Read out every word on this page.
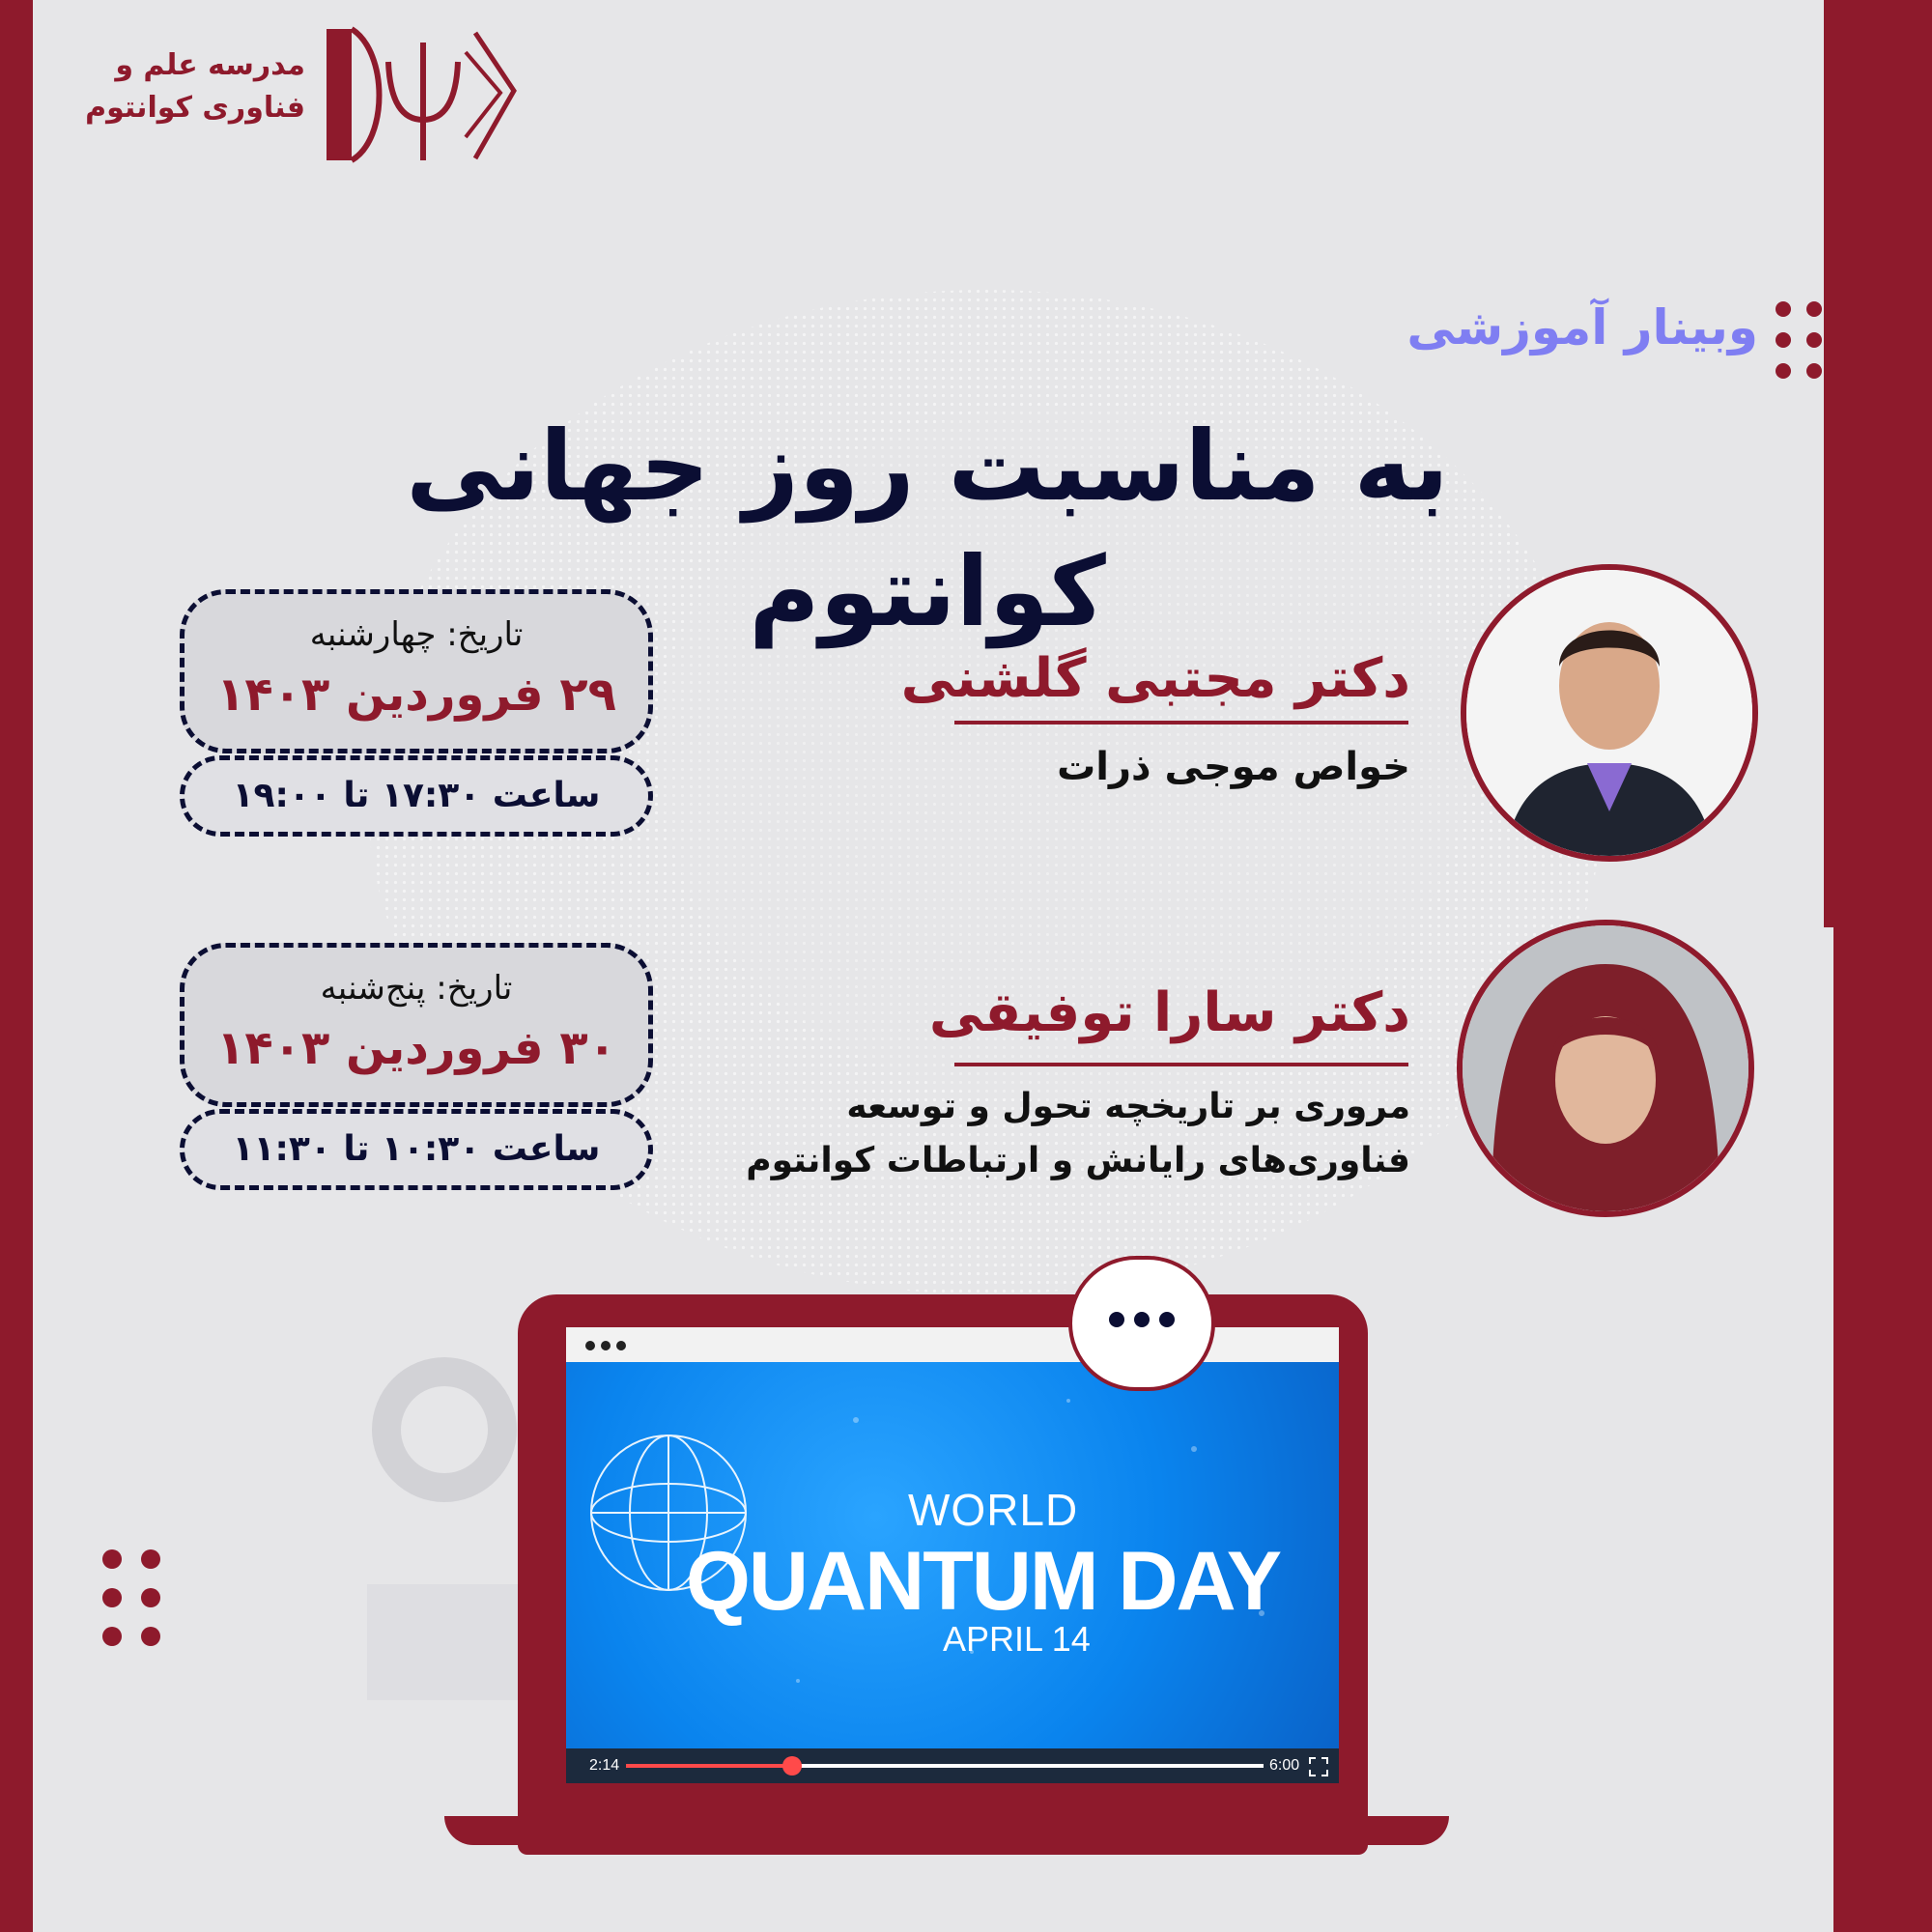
مدرسه علم و
فناوری کوانتوم
وبینار آموزشی
به مناسبت روز جهانی کوانتوم
دکتر مجتبی گلشنی
خواص موجی ذرات
دکتر سارا توفیقی
مروری بر تاریخچه تحول و توسعه
فناوری‌های رایانش و ارتباطات کوانتوم
تاریخ: چهارشنبه
۲۹ فروردین ۱۴۰۳
ساعت ۱۷:۳۰ تا ۱۹:۰۰
تاریخ: پنج‌شنبه
۳۰ فروردین ۱۴۰۳
ساعت ۱۰:۳۰ تا ۱۱:۳۰
WORLD
QUANTUM DAY
APRIL 14
2:14	6:00
